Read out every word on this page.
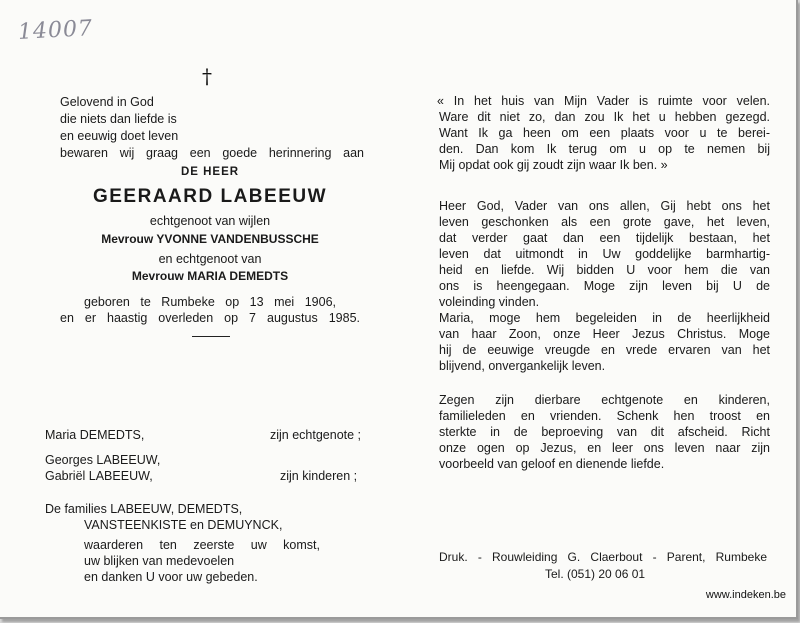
14007
†
Gelovend in God
die niets dan liefde is
en eeuwig doet leven
bewaren wij graag een goede herinnering aan
DE HEER
GEERAARD LABEEUW
echtgenoot van wijlen
Mevrouw YVONNE VANDENBUSSCHE
en echtgenoot van
Mevrouw MARIA DEMEDTS
geboren te Rumbeke op 13 mei 1906,
en er haastig overleden op 7 augustus 1985.
Maria DEMEDTS,	zijn echtgenote ;
Georges LABEEUW,
Gabriël LABEEUW,	zijn kinderen ;
De families LABEEUW, DEMEDTS,
VANSTEENKISTE en DEMUYNCK,
waarderen ten zeerste uw komst,
uw blijken van medevoelen
en danken U voor uw gebeden.
« In het huis van Mijn Vader is ruimte voor velen.
Ware dit niet zo, dan zou Ik het u hebben gezegd.
Want Ik ga heen om een plaats voor u te berei-
den. Dan kom Ik terug om u op te nemen bij
Mij opdat ook gij zoudt zijn waar Ik ben. »
Heer God, Vader van ons allen, Gij hebt ons het
leven geschonken als een grote gave, het leven,
dat verder gaat dan een tijdelijk bestaan, het
leven dat uitmondt in Uw goddelijke barmhartig-
heid en liefde. Wij bidden U voor hem die van
ons is heengegaan. Moge zijn leven bij U de
voleinding vinden.
Maria, moge hem begeleiden in de heerlijkheid
van haar Zoon, onze Heer Jezus Christus. Moge
hij de eeuwige vreugde en vrede ervaren van het
blijvend, onvergankelijk leven.
Zegen zijn dierbare echtgenote en kinderen,
familieleden en vrienden. Schenk hen troost en
sterkte in de beproeving van dit afscheid. Richt
onze ogen op Jezus, en leer ons leven naar zijn
voorbeeld van geloof en dienende liefde.
Druk. - Rouwleiding G. Claerbout - Parent, Rumbeke
Tel. (051) 20 06 01
www.indeken.be
